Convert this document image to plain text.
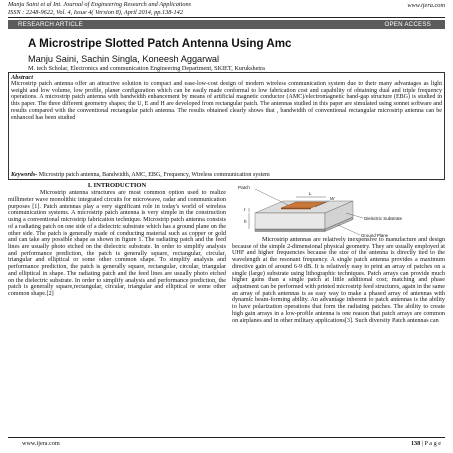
Manju Saini et al Int. Journal of Engineering Research and Applications
ISSN : 2248-9622, Vol. 4, Issue 4( Version 8), April 2014, pp.138-142
www.ijera.com
RESEARCH ARTICLE	OPEN ACCESS
A Microstripe Slotted Patch Antenna Using Amc
Manju Saini, Sachin Singla, Koneesh Aggarwal
M. tech Scholar, Electronics and communication Engineering Department, SKIET, Kurukshetra
Abstract
Microstrip patch antenna offer an attractive solution to compact and ease-low-cost design of modern wireless communication system due to their many advantages as light weight and low volume, low profile, planer configuration which can be easily made conformal to low fabrication cost and capability of obtaining dual and triple frequency operations. A microstrip patch antenna with bandwidth enhancement by means of artificial magnetic conductor (AMC)/electromagnetic band-gap structure (EBG) is studied in this paper. The three different geometry shapes; the U, E and H are developed from rectangular patch. The antennas studied in this paper are simulated using sonnet software and results compared with the conventional rectangular patch antenna. The results obtained clearly shows that , bandwidth of conventional rectangular microstrip antenna can be enhanced has been studied
Keywords- Microstrip patch antenna, Bandwidth, AMC, EBG, Frequency, Wireless communication system
I. INTRODUCTION

Microstrip antenna structures are most common option used to realize millimeter wave monolithic integrated circuits for microwave, radar and communication purposes [1]. Patch antennas play a very significant role in today's world of wireless communication systems. A microstrip patch antenna is very simple in the construction using a conventional microstrip fabrication technique. Microstrip patch antenna consists of a radiating patch on one side of a dielectric substrate which has a ground plane on the other side. The patch is generally made of conducting material such as copper or gold and can take any possible shape as shown in figure 1. The radiating patch and the feed lines are usually photo etched on the dielectric substrate. In order to simplify analysis and performance prediction, the patch is generally square, rectangular, circular, triangular and elliptical or some other common shape. To simplify analysis and performance prediction, the patch is generally square, rectangular, circular, triangular and elliptical in shape. The radiating patch and the feed lines are usually photo etched on the dielectric substrate. In order to simplify analysis and performance prediction, the patch is generally square,rectangular, circular, triangular and elliptical or some other common shape.[2]

Patch
L
W
t
h
Dielectric Substrate
Ground Plane

Microstrip antennas are relatively inexpensive to manufacture and design because of the simple 2-dimensional physical geometry. They are usually employed at UHF and higher frequencies because the size of the antenna is directly tied to the wavelength at the resonant frequency. A single patch antenna provides a maximum directive gain of around 6-9 dB. It is relatively easy to print an array of patches on a single (large) substrate using lithographic techniques. Patch arrays can provide much higher gains than a single patch at little additional cost; matching and phase adjustment can be performed with printed microstrip feed structures, again in the same an array of patch antennas is as easy way to make a phased array of antennas with dynamic beam-forming ability. An advantage inherent to patch antennas is the ability to have polarization operations that form the radiating patches. The ability to create high gain arrays in a low-profile antenna is one reason that patch arrays are common on airplanes and in other military applications[3]. Such diversity Patch antennas can

www.ijera.com	138 | P a g e
